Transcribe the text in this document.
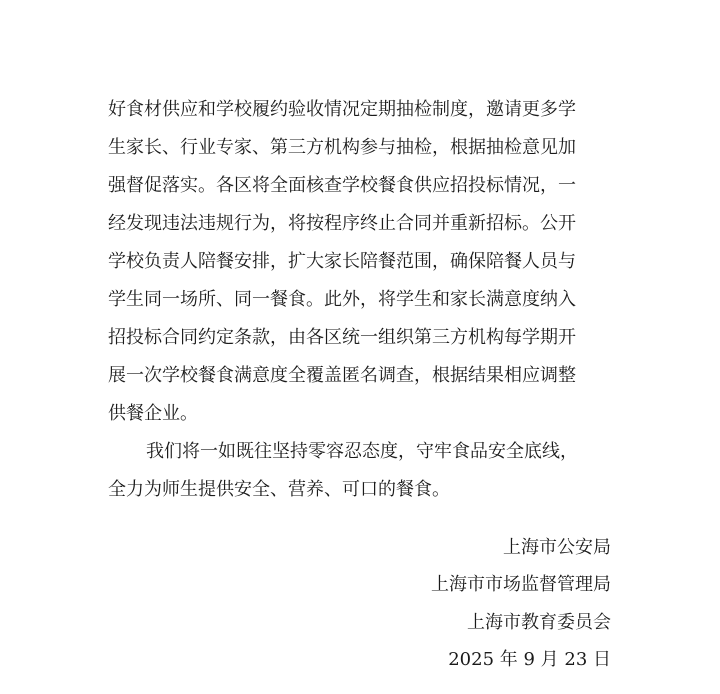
好食材供应和学校履约验收情况定期抽检制度，邀请更多学
生家长、行业专家、第三方机构参与抽检，根据抽检意见加
强督促落实。各区将全面核查学校餐食供应招投标情况，一
经发现违法违规行为，将按程序终止合同并重新招标。公开
学校负责人陪餐安排，扩大家长陪餐范围，确保陪餐人员与
学生同一场所、同一餐食。此外，将学生和家长满意度纳入
招投标合同约定条款，由各区统一组织第三方机构每学期开
展一次学校餐食满意度全覆盖匿名调查，根据结果相应调整
供餐企业。
我们将一如既往坚持零容忍态度，守牢食品安全底线，
全力为师生提供安全、营养、可口的餐食。
上海市公安局
上海市市场监督管理局
上海市教育委员会
2025 年 9 月 23 日
